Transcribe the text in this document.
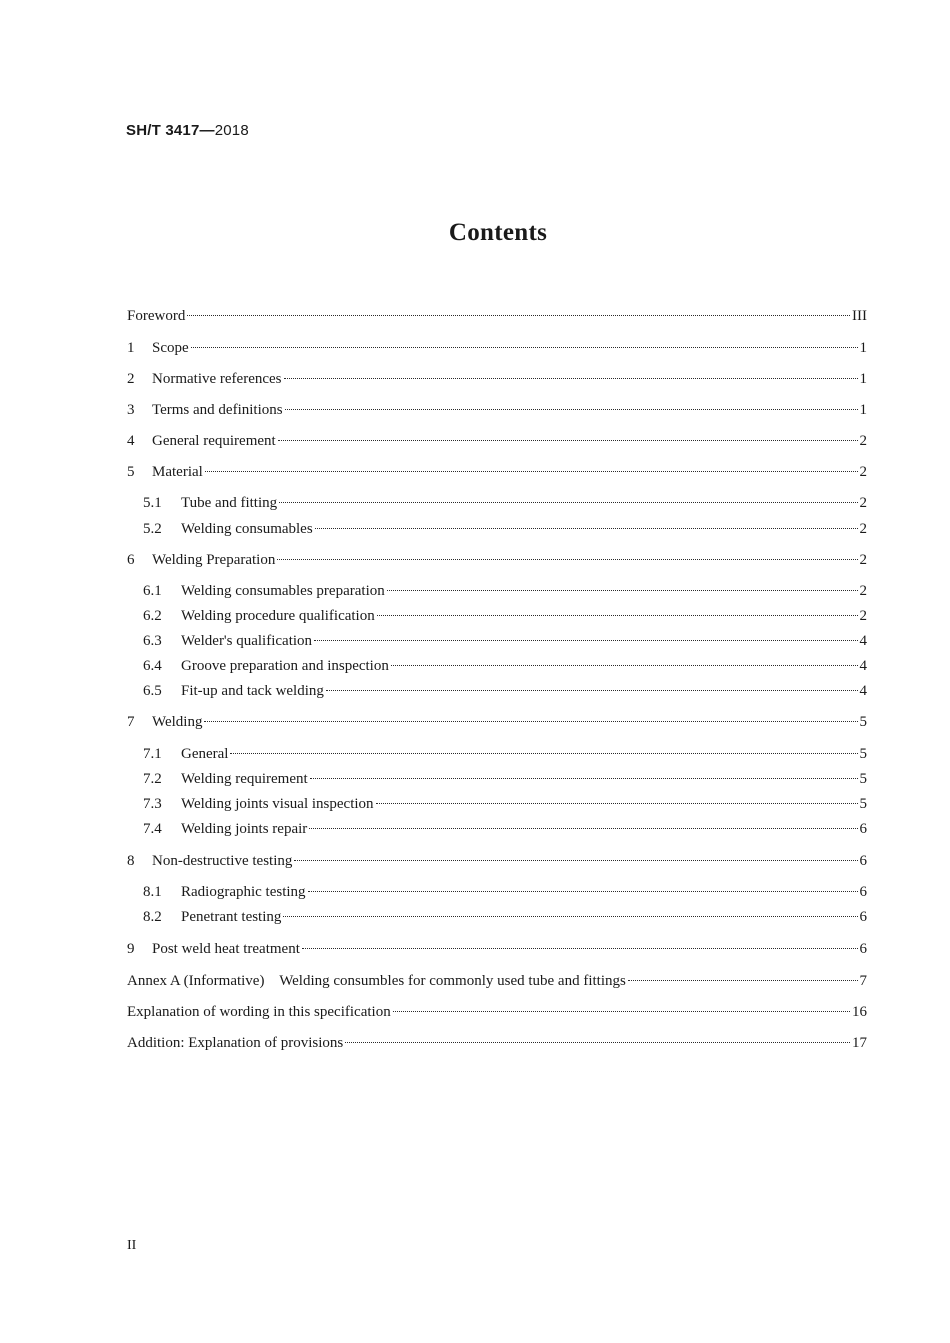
SH/T 3417—2018
Contents
Foreword	III
1	Scope	1
2	Normative references	1
3	Terms and definitions	1
4	General requirement	2
5	Material	2
5.1	Tube and fitting	2
5.2	Welding consumables	2
6	Welding Preparation	2
6.1	Welding consumables preparation	2
6.2	Welding procedure qualification	2
6.3	Welder's qualification	4
6.4	Groove preparation and inspection	4
6.5	Fit-up and tack welding	4
7	Welding	5
7.1	General	5
7.2	Welding requirement	5
7.3	Welding joints visual inspection	5
7.4	Welding joints repair	6
8	Non-destructive testing	6
8.1	Radiographic testing	6
8.2	Penetrant testing	6
9	Post weld heat treatment	6
Annex A (Informative)    Welding consumbles for commonly used tube and fittings	7
Explanation of wording in this specification	16
Addition: Explanation of provisions	17
II
